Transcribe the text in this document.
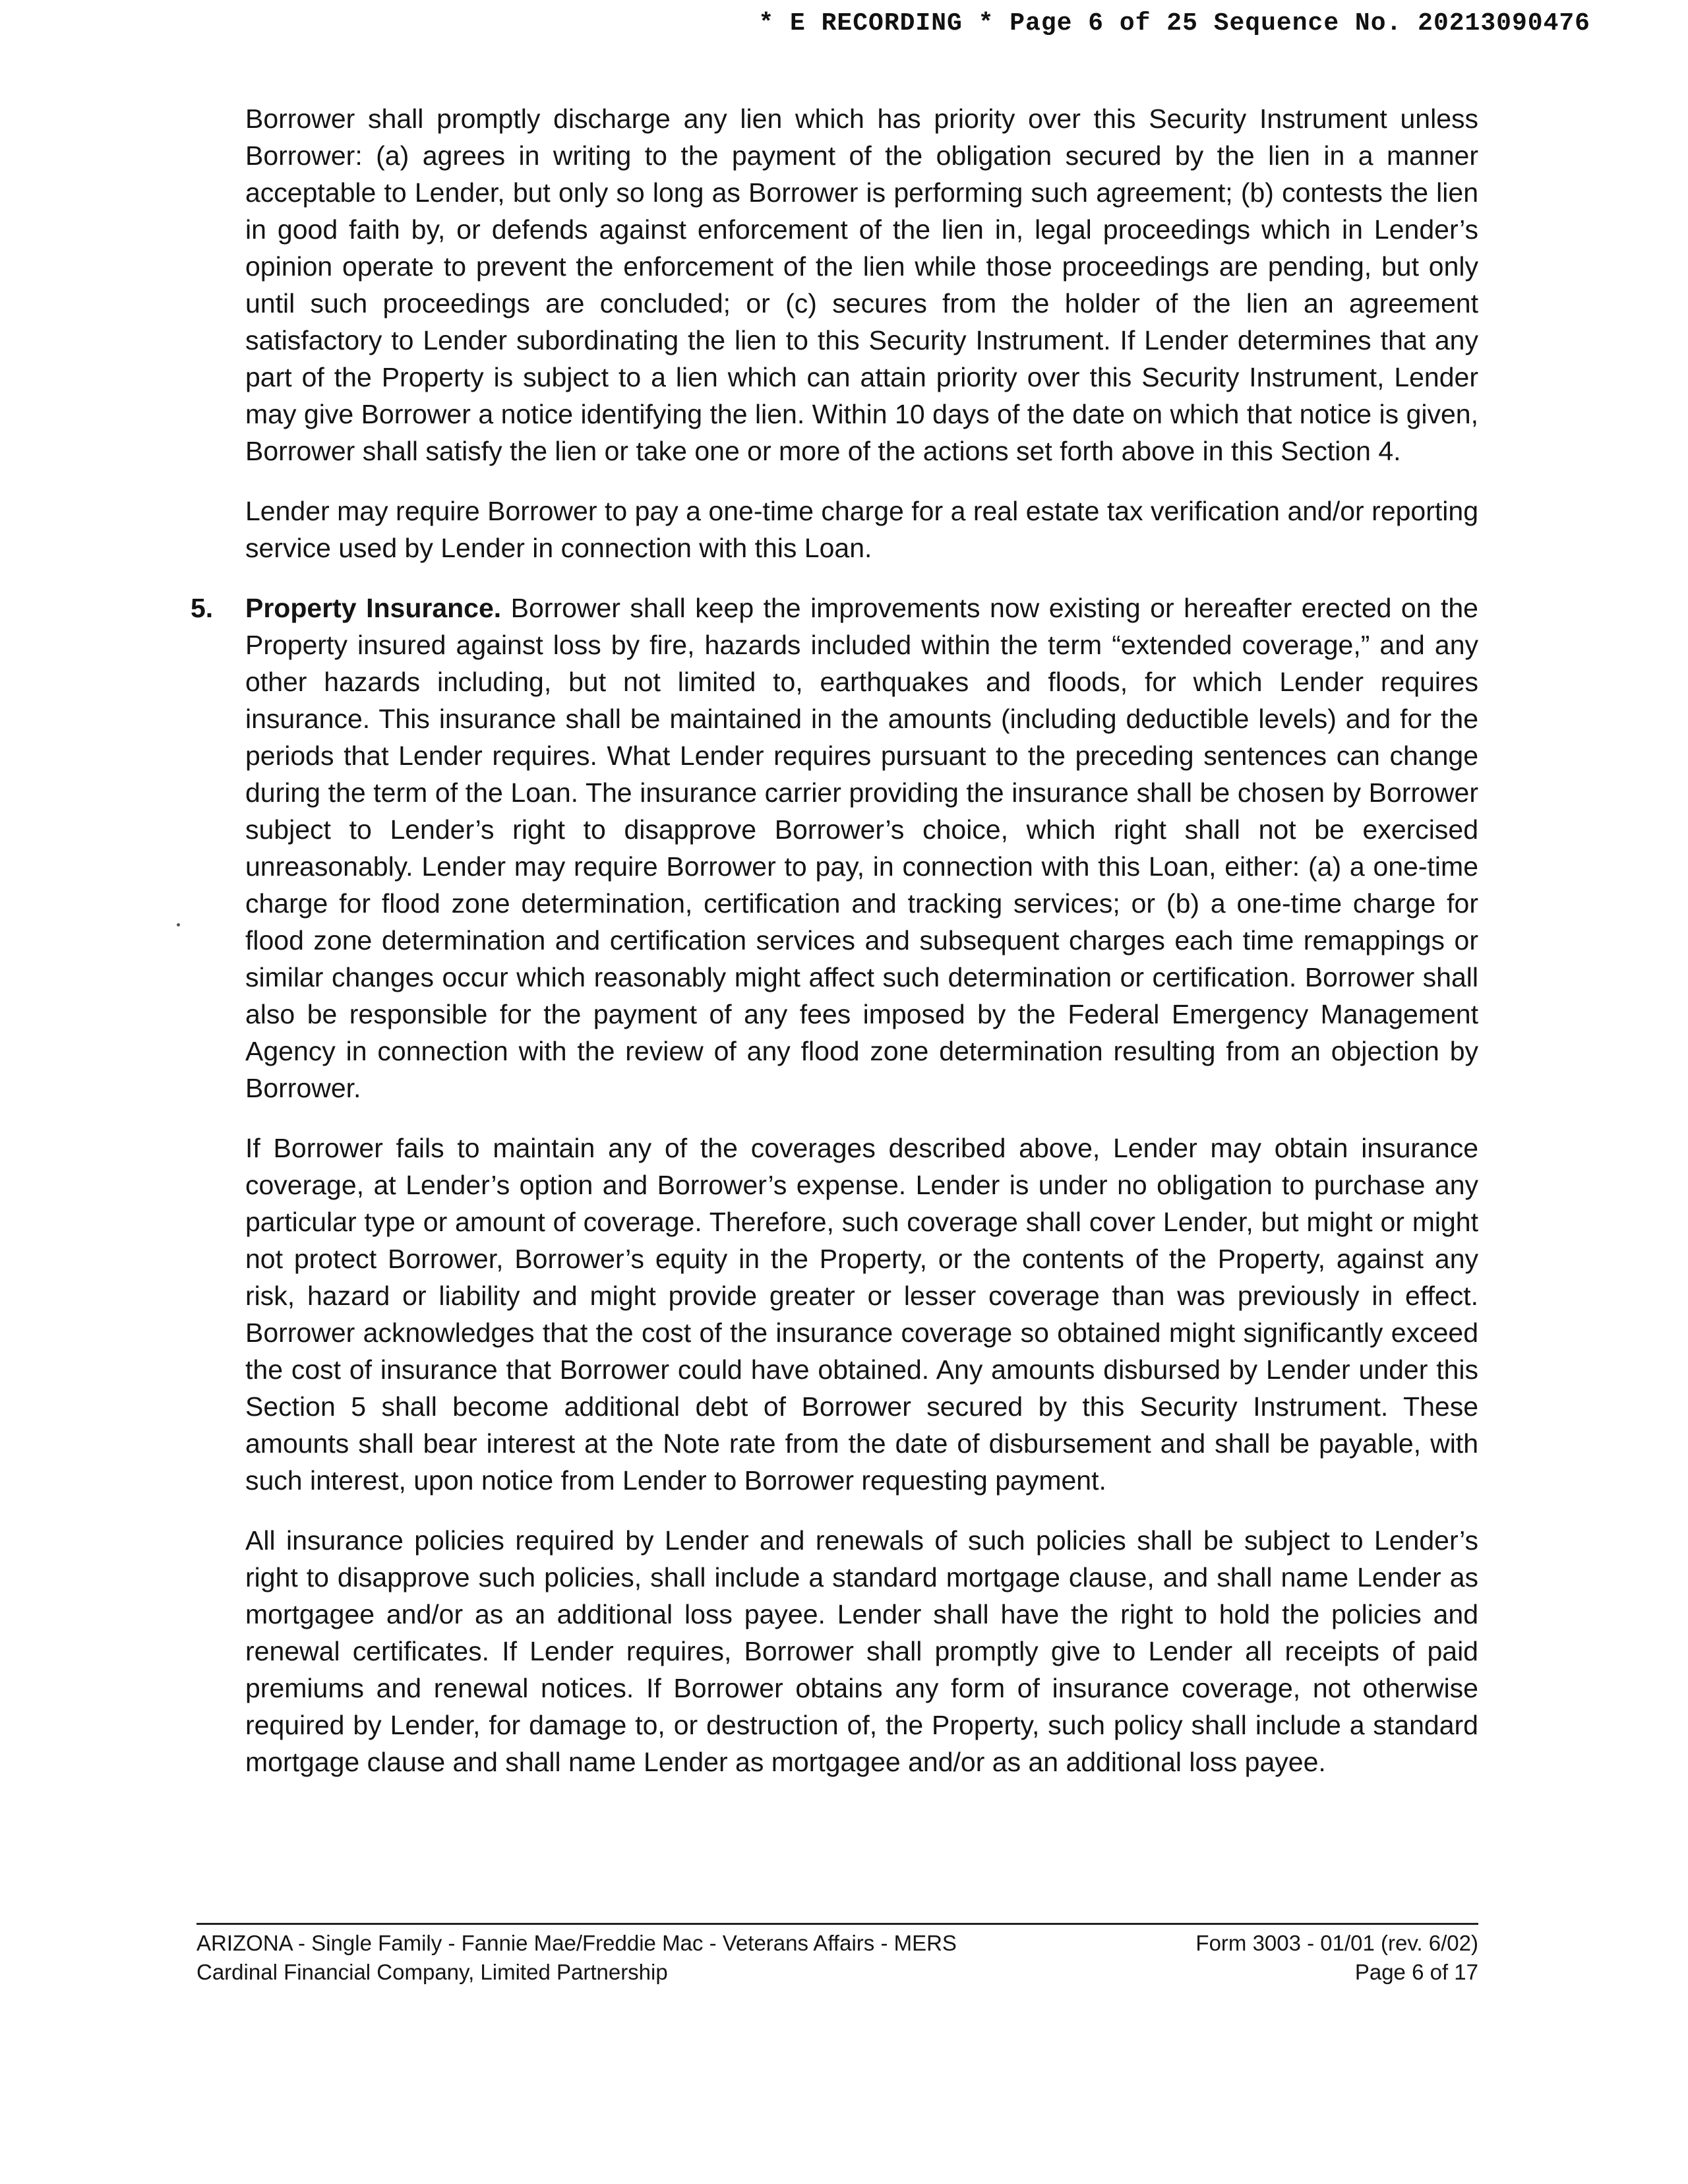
* E RECORDING * Page 6 of 25 Sequence No. 20213090476

Borrower shall promptly discharge any lien which has priority over this Security Instrument unless Borrower: (a) agrees in writing to the payment of the obligation secured by the lien in a manner acceptable to Lender, but only so long as Borrower is performing such agreement; (b) contests the lien in good faith by, or defends against enforcement of the lien in, legal proceedings which in Lender’s opinion operate to prevent the enforcement of the lien while those proceedings are pending, but only until such proceedings are concluded; or (c) secures from the holder of the lien an agreement satisfactory to Lender subordinating the lien to this Security Instrument. If Lender determines that any part of the Property is subject to a lien which can attain priority over this Security Instrument, Lender may give Borrower a notice identifying the lien. Within 10 days of the date on which that notice is given, Borrower shall satisfy the lien or take one or more of the actions set forth above in this Section 4.

Lender may require Borrower to pay a one-time charge for a real estate tax verification and/or reporting service used by Lender in connection with this Loan.

5. Property Insurance. Borrower shall keep the improvements now existing or hereafter erected on the Property insured against loss by fire, hazards included within the term “extended coverage,” and any other hazards including, but not limited to, earthquakes and floods, for which Lender requires insurance. This insurance shall be maintained in the amounts (including deductible levels) and for the periods that Lender requires. What Lender requires pursuant to the preceding sentences can change during the term of the Loan. The insurance carrier providing the insurance shall be chosen by Borrower subject to Lender’s right to disapprove Borrower’s choice, which right shall not be exercised unreasonably. Lender may require Borrower to pay, in connection with this Loan, either: (a) a one-time charge for flood zone determination, certification and tracking services; or (b) a one-time charge for flood zone determination and certification services and subsequent charges each time remappings or similar changes occur which reasonably might affect such determination or certification. Borrower shall also be responsible for the payment of any fees imposed by the Federal Emergency Management Agency in connection with the review of any flood zone determination resulting from an objection by Borrower.

If Borrower fails to maintain any of the coverages described above, Lender may obtain insurance coverage, at Lender’s option and Borrower’s expense. Lender is under no obligation to purchase any particular type or amount of coverage. Therefore, such coverage shall cover Lender, but might or might not protect Borrower, Borrower’s equity in the Property, or the contents of the Property, against any risk, hazard or liability and might provide greater or lesser coverage than was previously in effect. Borrower acknowledges that the cost of the insurance coverage so obtained might significantly exceed the cost of insurance that Borrower could have obtained. Any amounts disbursed by Lender under this Section 5 shall become additional debt of Borrower secured by this Security Instrument. These amounts shall bear interest at the Note rate from the date of disbursement and shall be payable, with such interest, upon notice from Lender to Borrower requesting payment.

All insurance policies required by Lender and renewals of such policies shall be subject to Lender’s right to disapprove such policies, shall include a standard mortgage clause, and shall name Lender as mortgagee and/or as an additional loss payee. Lender shall have the right to hold the policies and renewal certificates. If Lender requires, Borrower shall promptly give to Lender all receipts of paid premiums and renewal notices. If Borrower obtains any form of insurance coverage, not otherwise required by Lender, for damage to, or destruction of, the Property, such policy shall include a standard mortgage clause and shall name Lender as mortgagee and/or as an additional loss payee.

ARIZONA - Single Family - Fannie Mae/Freddie Mac - Veterans Affairs - MERS	Form 3003 - 01/01 (rev. 6/02)
Cardinal Financial Company, Limited Partnership	Page 6 of 17
